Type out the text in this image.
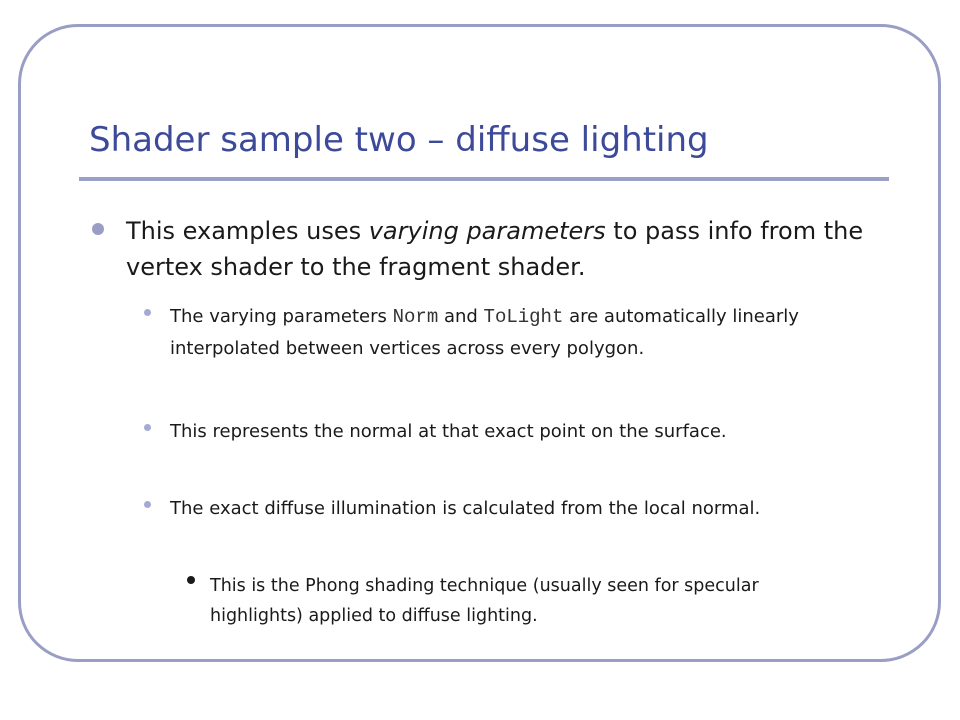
Shader sample two – diffuse lighting

This examples uses varying parameters to pass info from the vertex shader to the fragment shader.

The varying parameters Norm and ToLight are automatically linearly interpolated between vertices across every polygon.

This represents the normal at that exact point on the surface.

The exact diffuse illumination is calculated from the local normal.

This is the Phong shading technique (usually seen for specular highlights) applied to diffuse lighting.
